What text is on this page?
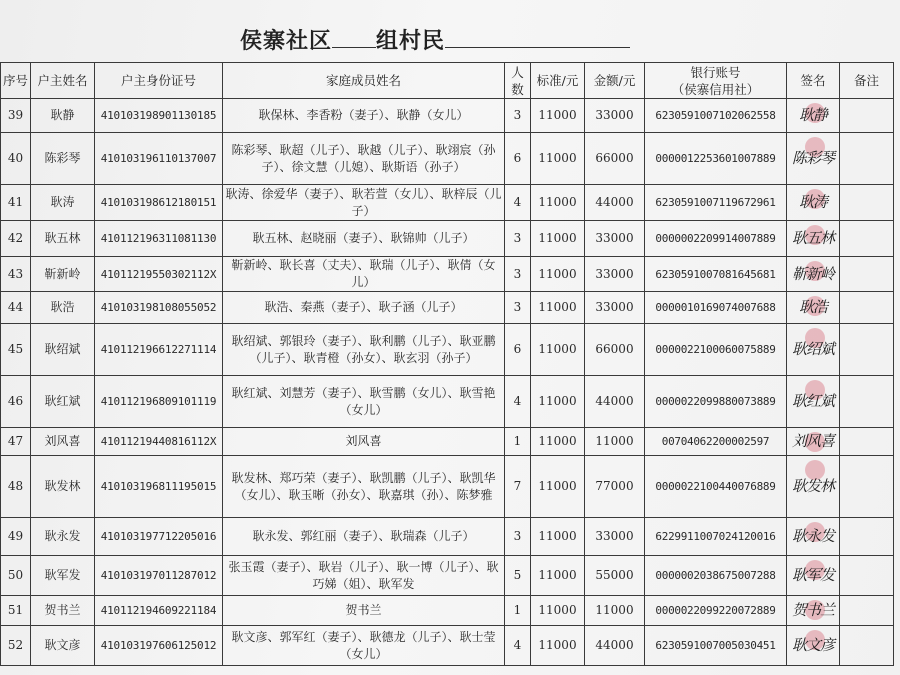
侯寨社区 组村民
序号	户主姓名	户主身份证号	家庭成员姓名	人数	标准/元	金额/元	银行账号
（侯寨信用社）	签名	备注
39	耿静	410103198901130185	耿保林、李香粉（妻子）、耿静（女儿）	3	11000	33000	6230591007102062558	耿静	
40	陈彩琴	410103196110137007	陈彩琴、耿超（儿子）、耿越（儿子）、耿翊宸（孙子）、徐文慧（儿媳）、耿斯语（孙子）	6	11000	66000	0000012253601007889	陈彩琴	
41	耿涛	410103198612180151	耿涛、徐爱华（妻子）、耿若萱（女儿）、耿梓辰（儿子）	4	11000	44000	6230591007119672961	耿涛	
42	耿五林	410112196311081130	耿五林、赵晓丽（妻子）、耿锦帅（儿子）	3	11000	33000	0000002209914007889	耿五林	
43	靳新岭	41011219550302112X	靳新岭、耿长喜（丈夫）、耿瑞（儿子）、耿倩（女儿）	3	11000	33000	6230591007081645681	靳新岭	
44	耿浩	410103198108055052	耿浩、秦燕（妻子）、耿子涵（儿子）	3	11000	33000	0000010169074007688	耿浩	
45	耿绍斌	410112196612271114	耿绍斌、郭银玲（妻子）、耿利鹏（儿子）、耿亚鹏（儿子）、耿青橙（孙女）、耿玄羽（孙子）	6	11000	66000	0000022100060075889	耿绍斌	
46	耿红斌	410112196809101119	耿红斌、刘慧芳（妻子）、耿雪鹏（女儿）、耿雪艳（女儿）	4	11000	44000	0000022099880073889	耿红斌	
47	刘风喜	41011219440816112X	刘风喜	1	11000	11000	00704062200002597	刘风喜	
48	耿发林	410103196811195015	耿发林、郑巧荣（妻子）、耿凯鹏（儿子）、耿凯华（女儿）、耿玉晰（孙女）、耿嘉琪（孙）、陈梦雅	7	11000	77000	0000022100440076889	耿发林	
49	耿永发	410103197712205016	耿永发、郭红丽（妻子）、耿瑞森（儿子）	3	11000	33000	6229911007024120016	耿永发	
50	耿军发	410103197011287012	张玉霞（妻子）、耿岩（儿子）、耿一博（儿子）、耿巧娣（姐）、耿军发	5	11000	55000	0000002038675007288	耿军发	
51	贺书兰	410112194609221184	贺书兰	1	11000	11000	0000022099220072889	贺书兰	
52	耿文彦	410103197606125012	耿文彦、郭军红（妻子）、耿德龙（儿子）、耿士莹（女儿）	4	11000	44000	6230591007005030451	耿文彦	
